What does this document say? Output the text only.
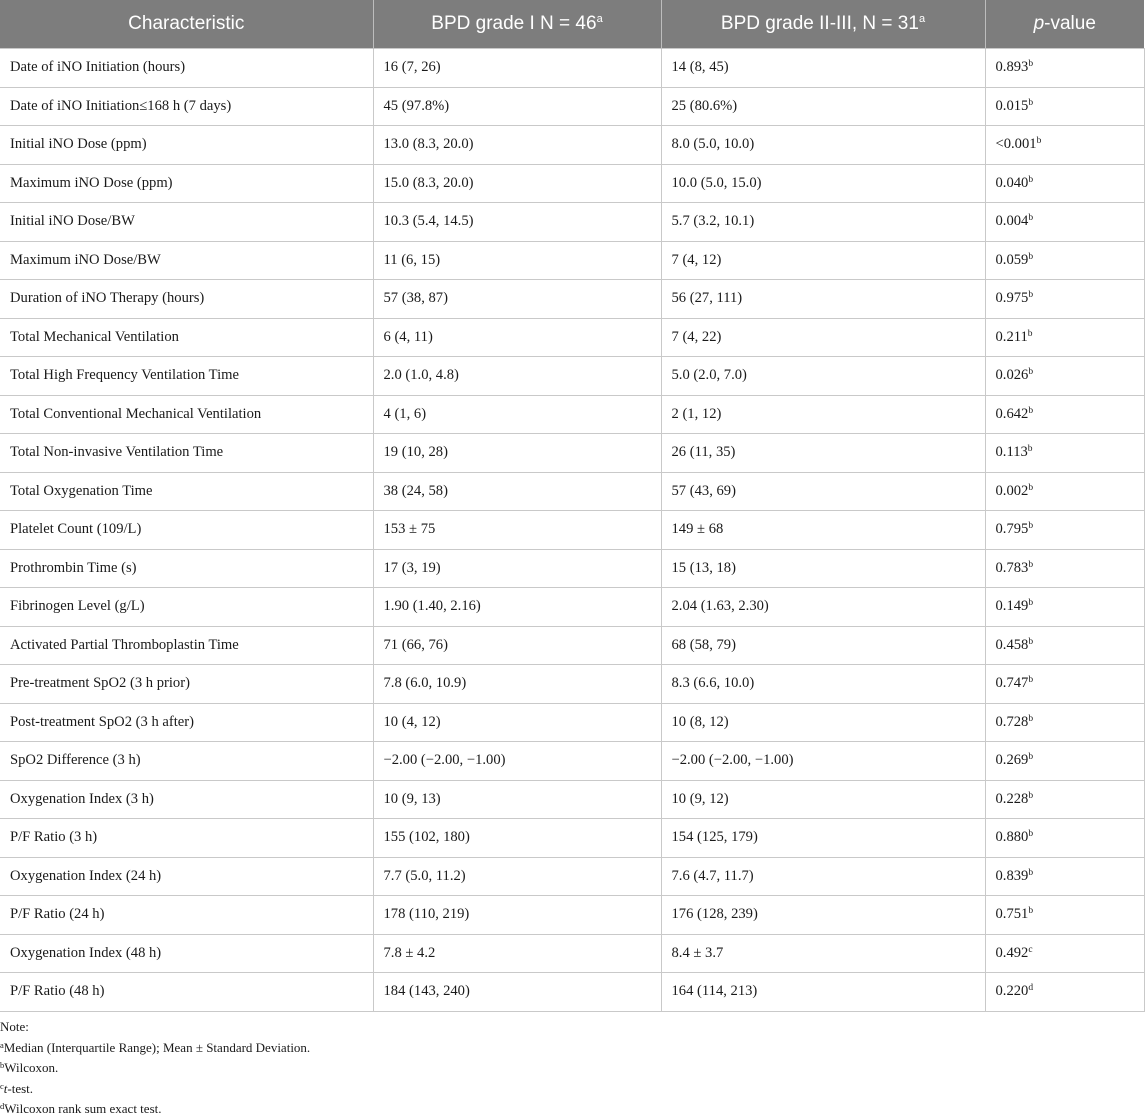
Characteristic	BPD grade I $N = 46^a$	BPD grade II-III, $N = 31^a$	p-value
Date of iNO Initiation (hours)	16 (7, 26)	14 (8, 45)	0.893$^b$
Date of iNO Initiation≤168 h (7 days)	45 (97.8%)	25 (80.6%)	0.015$^b$
Initial iNO Dose (ppm)	13.0 (8.3, 20.0)	8.0 (5.0, 10.0)	<0.001$^b$
Maximum iNO Dose (ppm)	15.0 (8.3, 20.0)	10.0 (5.0, 15.0)	0.040$^b$
Initial iNO Dose/BW	10.3 (5.4, 14.5)	5.7 (3.2, 10.1)	0.004$^b$
Maximum iNO Dose/BW	11 (6, 15)	7 (4, 12)	0.059$^b$
Duration of iNO Therapy (hours)	57 (38, 87)	56 (27, 111)	0.975$^b$
Total Mechanical Ventilation	6 (4, 11)	7 (4, 22)	0.211$^b$
Total High Frequency Ventilation Time	2.0 (1.0, 4.8)	5.0 (2.0, 7.0)	0.026$^b$
Total Conventional Mechanical Ventilation	4 (1, 6)	2 (1, 12)	0.642$^b$
Total Non-invasive Ventilation Time	19 (10, 28)	26 (11, 35)	0.113$^b$
Total Oxygenation Time	38 (24, 58)	57 (43, 69)	0.002$^b$
Platelet Count (109/L)	153 ± 75	149 ± 68	0.795$^b$
Prothrombin Time (s)	17 (3, 19)	15 (13, 18)	0.783$^b$
Fibrinogen Level (g/L)	1.90 (1.40, 2.16)	2.04 (1.63, 2.30)	0.149$^b$
Activated Partial Thromboplastin Time	71 (66, 76)	68 (58, 79)	0.458$^b$
Pre-treatment SpO2 (3 h prior)	7.8 (6.0, 10.9)	8.3 (6.6, 10.0)	0.747$^b$
Post-treatment SpO2 (3 h after)	10 (4, 12)	10 (8, 12)	0.728$^b$
SpO2 Difference (3 h)	−2.00 (−2.00, −1.00)	−2.00 (−2.00, −1.00)	0.269$^b$
Oxygenation Index (3 h)	10 (9, 13)	10 (9, 12)	0.228$^b$
P/F Ratio (3 h)	155 (102, 180)	154 (125, 179)	0.880$^b$
Oxygenation Index (24 h)	7.7 (5.0, 11.2)	7.6 (4.7, 11.7)	0.839$^b$
P/F Ratio (24 h)	178 (110, 219)	176 (128, 239)	0.751$^b$
Oxygenation Index (48 h)	7.8 ± 4.2	8.4 ± 3.7	0.492$^c$
P/F Ratio (48 h)	184 (143, 240)	164 (114, 213)	0.220$^d$
Note:
$^a$Median (Interquartile Range); Mean ± Standard Deviation.
$^b$Wilcoxon.
$^c$t-test.
$^d$Wilcoxon rank sum exact test.
